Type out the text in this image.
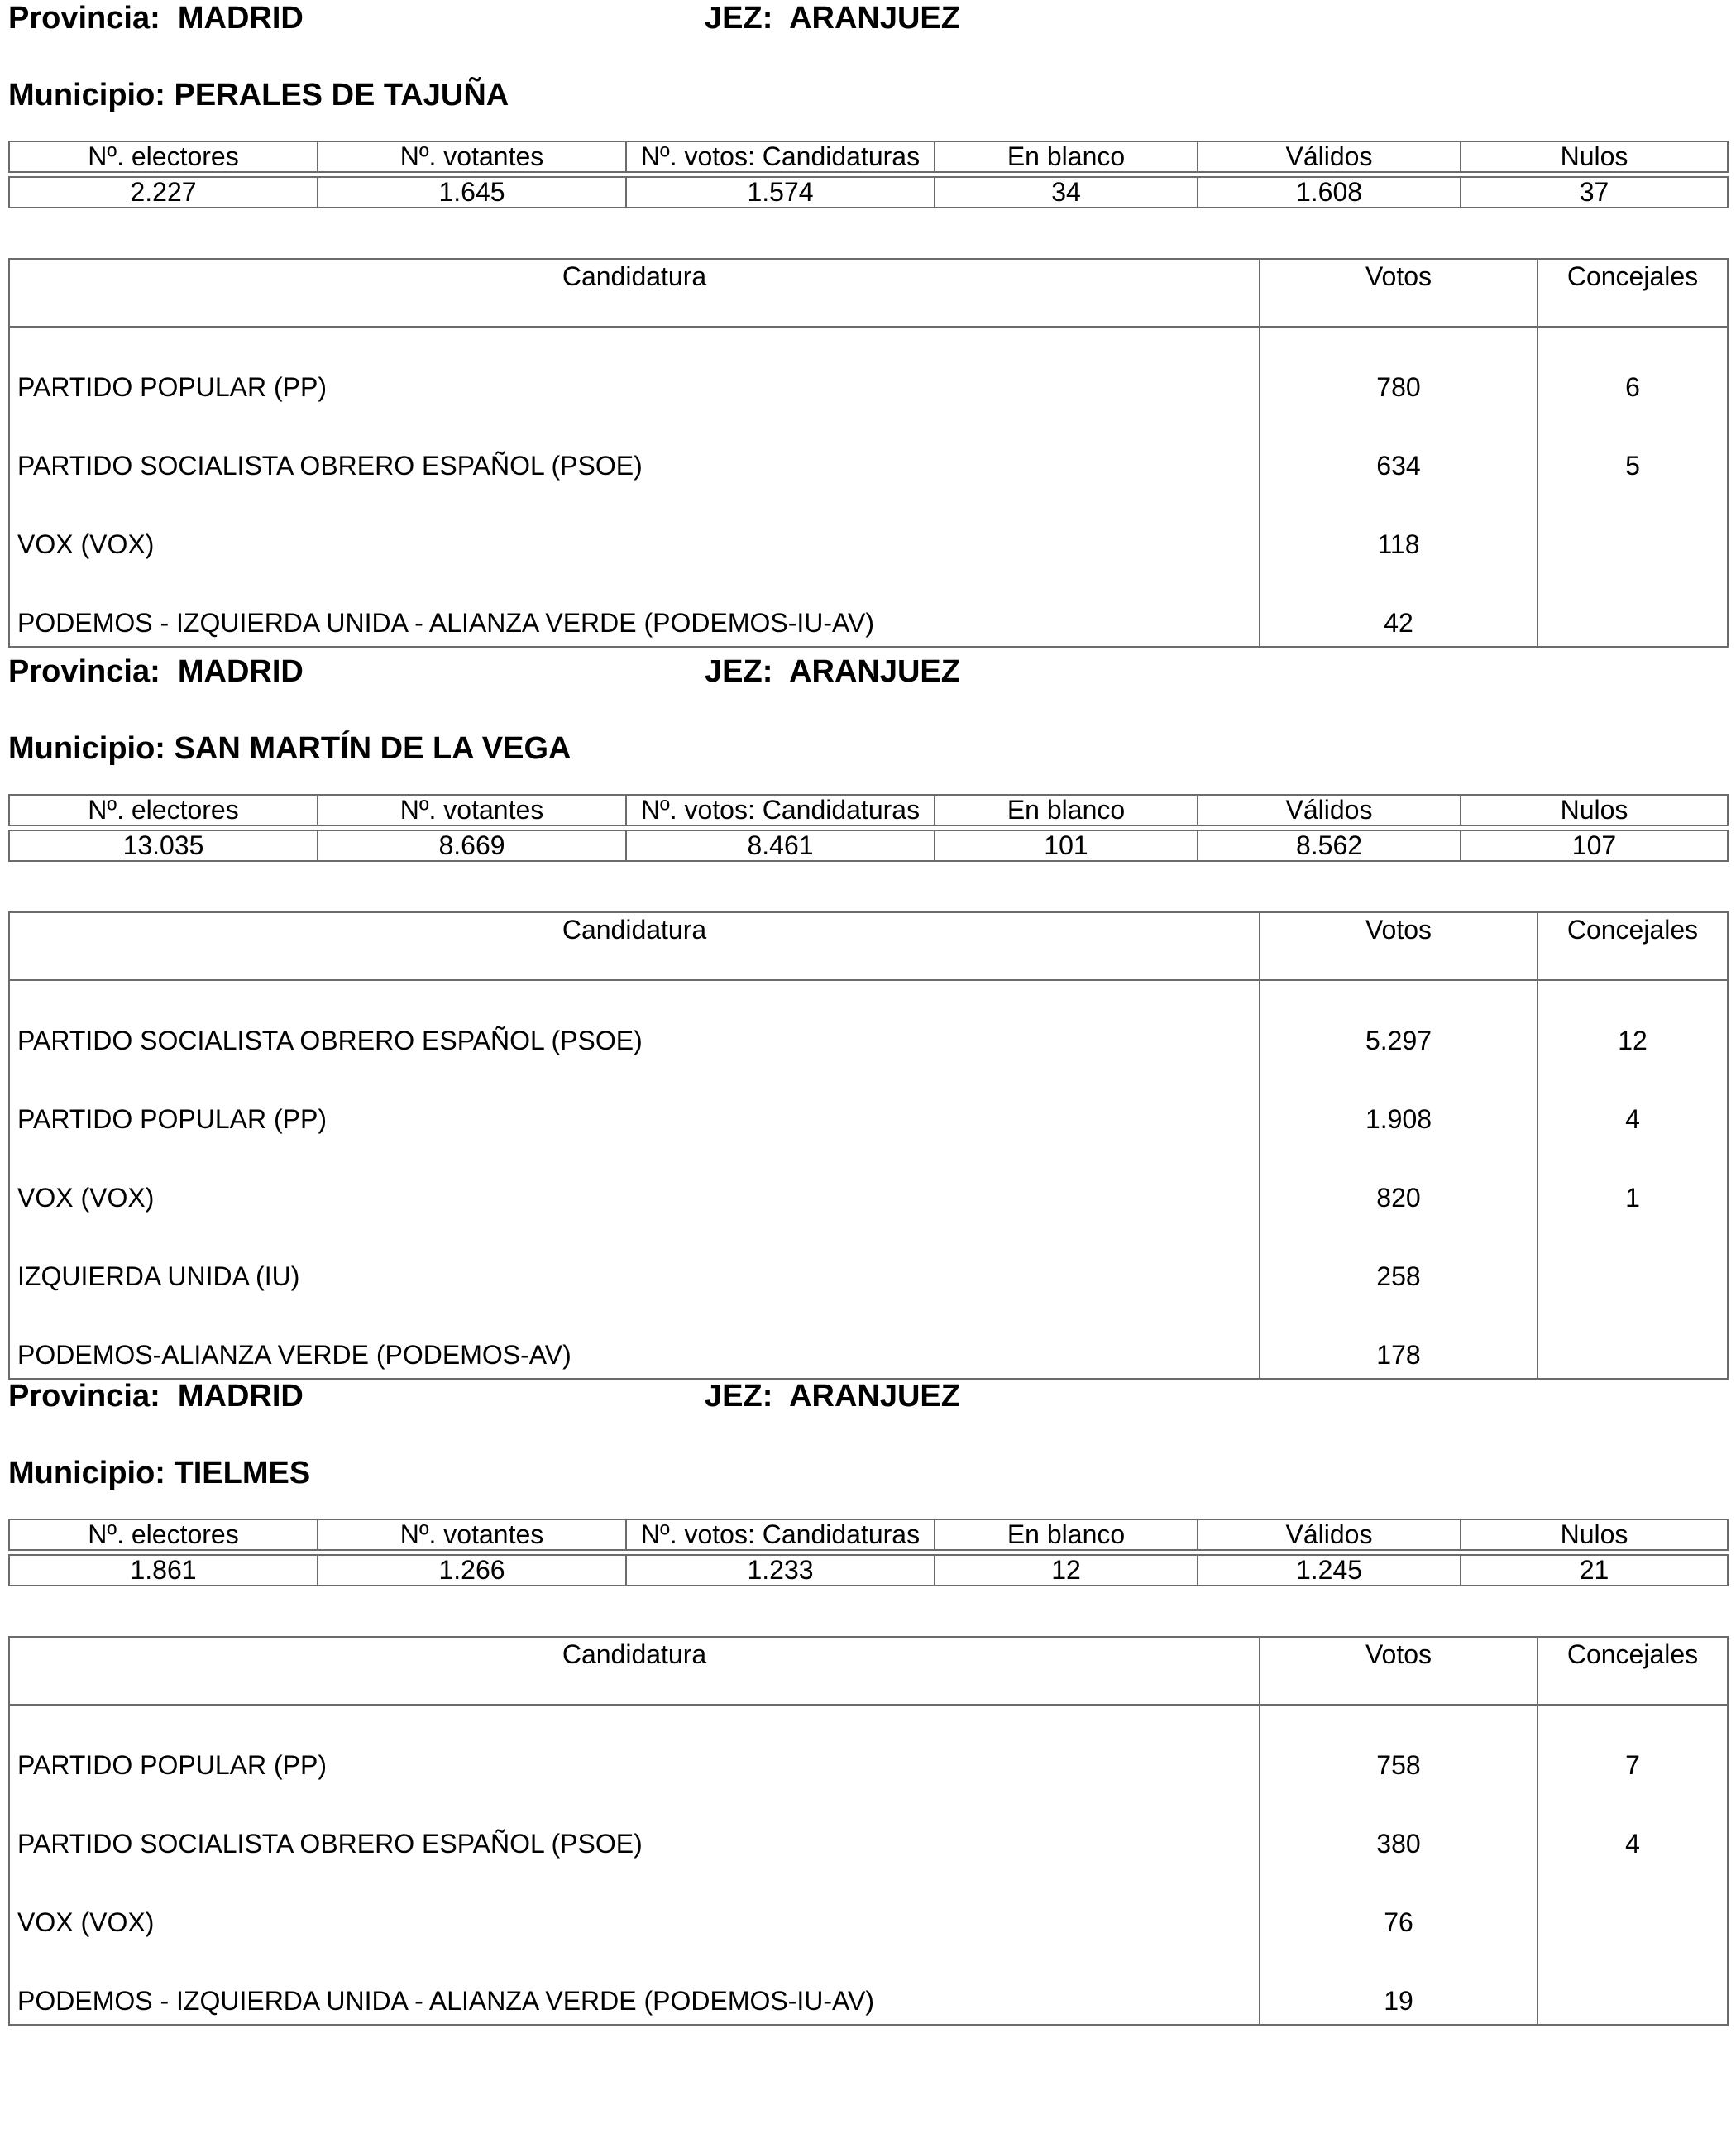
Provincia: MADRID	JEZ: ARANJUEZ
Municipio: PERALES DE TAJUÑA
Nº. electores	Nº. votantes	Nº. votos: Candidaturas	En blanco	Válidos	Nulos

2.227	1.645	1.574	34	1.608	37
Candidatura	Votos	Concejales
PARTIDO POPULAR (PP)	780	6
PARTIDO SOCIALISTA OBRERO ESPAÑOL (PSOE)	634	5
VOX (VOX)	118	
PODEMOS - IZQUIERDA UNIDA - ALIANZA VERDE (PODEMOS-IU-AV)	42	
Provincia: MADRID	JEZ: ARANJUEZ
Municipio: SAN MARTÍN DE LA VEGA
Nº. electores	Nº. votantes	Nº. votos: Candidaturas	En blanco	Válidos	Nulos

13.035	8.669	8.461	101	8.562	107
Candidatura	Votos	Concejales
PARTIDO SOCIALISTA OBRERO ESPAÑOL (PSOE)	5.297	12
PARTIDO POPULAR (PP)	1.908	4
VOX (VOX)	820	1
IZQUIERDA UNIDA (IU)	258	
PODEMOS-ALIANZA VERDE (PODEMOS-AV)	178	
Provincia: MADRID	JEZ: ARANJUEZ
Municipio: TIELMES
Nº. electores	Nº. votantes	Nº. votos: Candidaturas	En blanco	Válidos	Nulos

1.861	1.266	1.233	12	1.245	21
Candidatura	Votos	Concejales
PARTIDO POPULAR (PP)	758	7
PARTIDO SOCIALISTA OBRERO ESPAÑOL (PSOE)	380	4
VOX (VOX)	76	
PODEMOS - IZQUIERDA UNIDA - ALIANZA VERDE (PODEMOS-IU-AV)	19	
